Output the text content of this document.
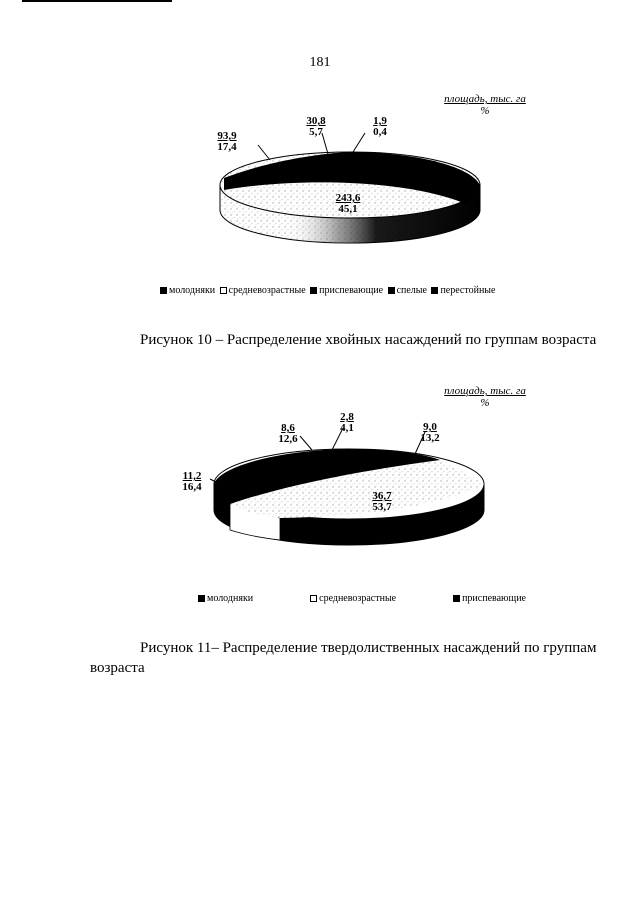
181
площадь, тыс. га
%
93,9
17,4
30,8
5,7
1,9
0,4
243,6
45,1
молодняки
средневозрастные
приспевающие
спелые
перестойные
Рисунок 10 – Распределение хвойных насаждений по группам возраста
площадь, тыс. га
%
8,6
12,6
2,8
4,1	9,0
13,2
11,2
16,4
36,7
53,7
молодняки	средневозрастные	приспевающие
Рисунок 11– Распределение твердолиственных насаждений по группам
возраста
